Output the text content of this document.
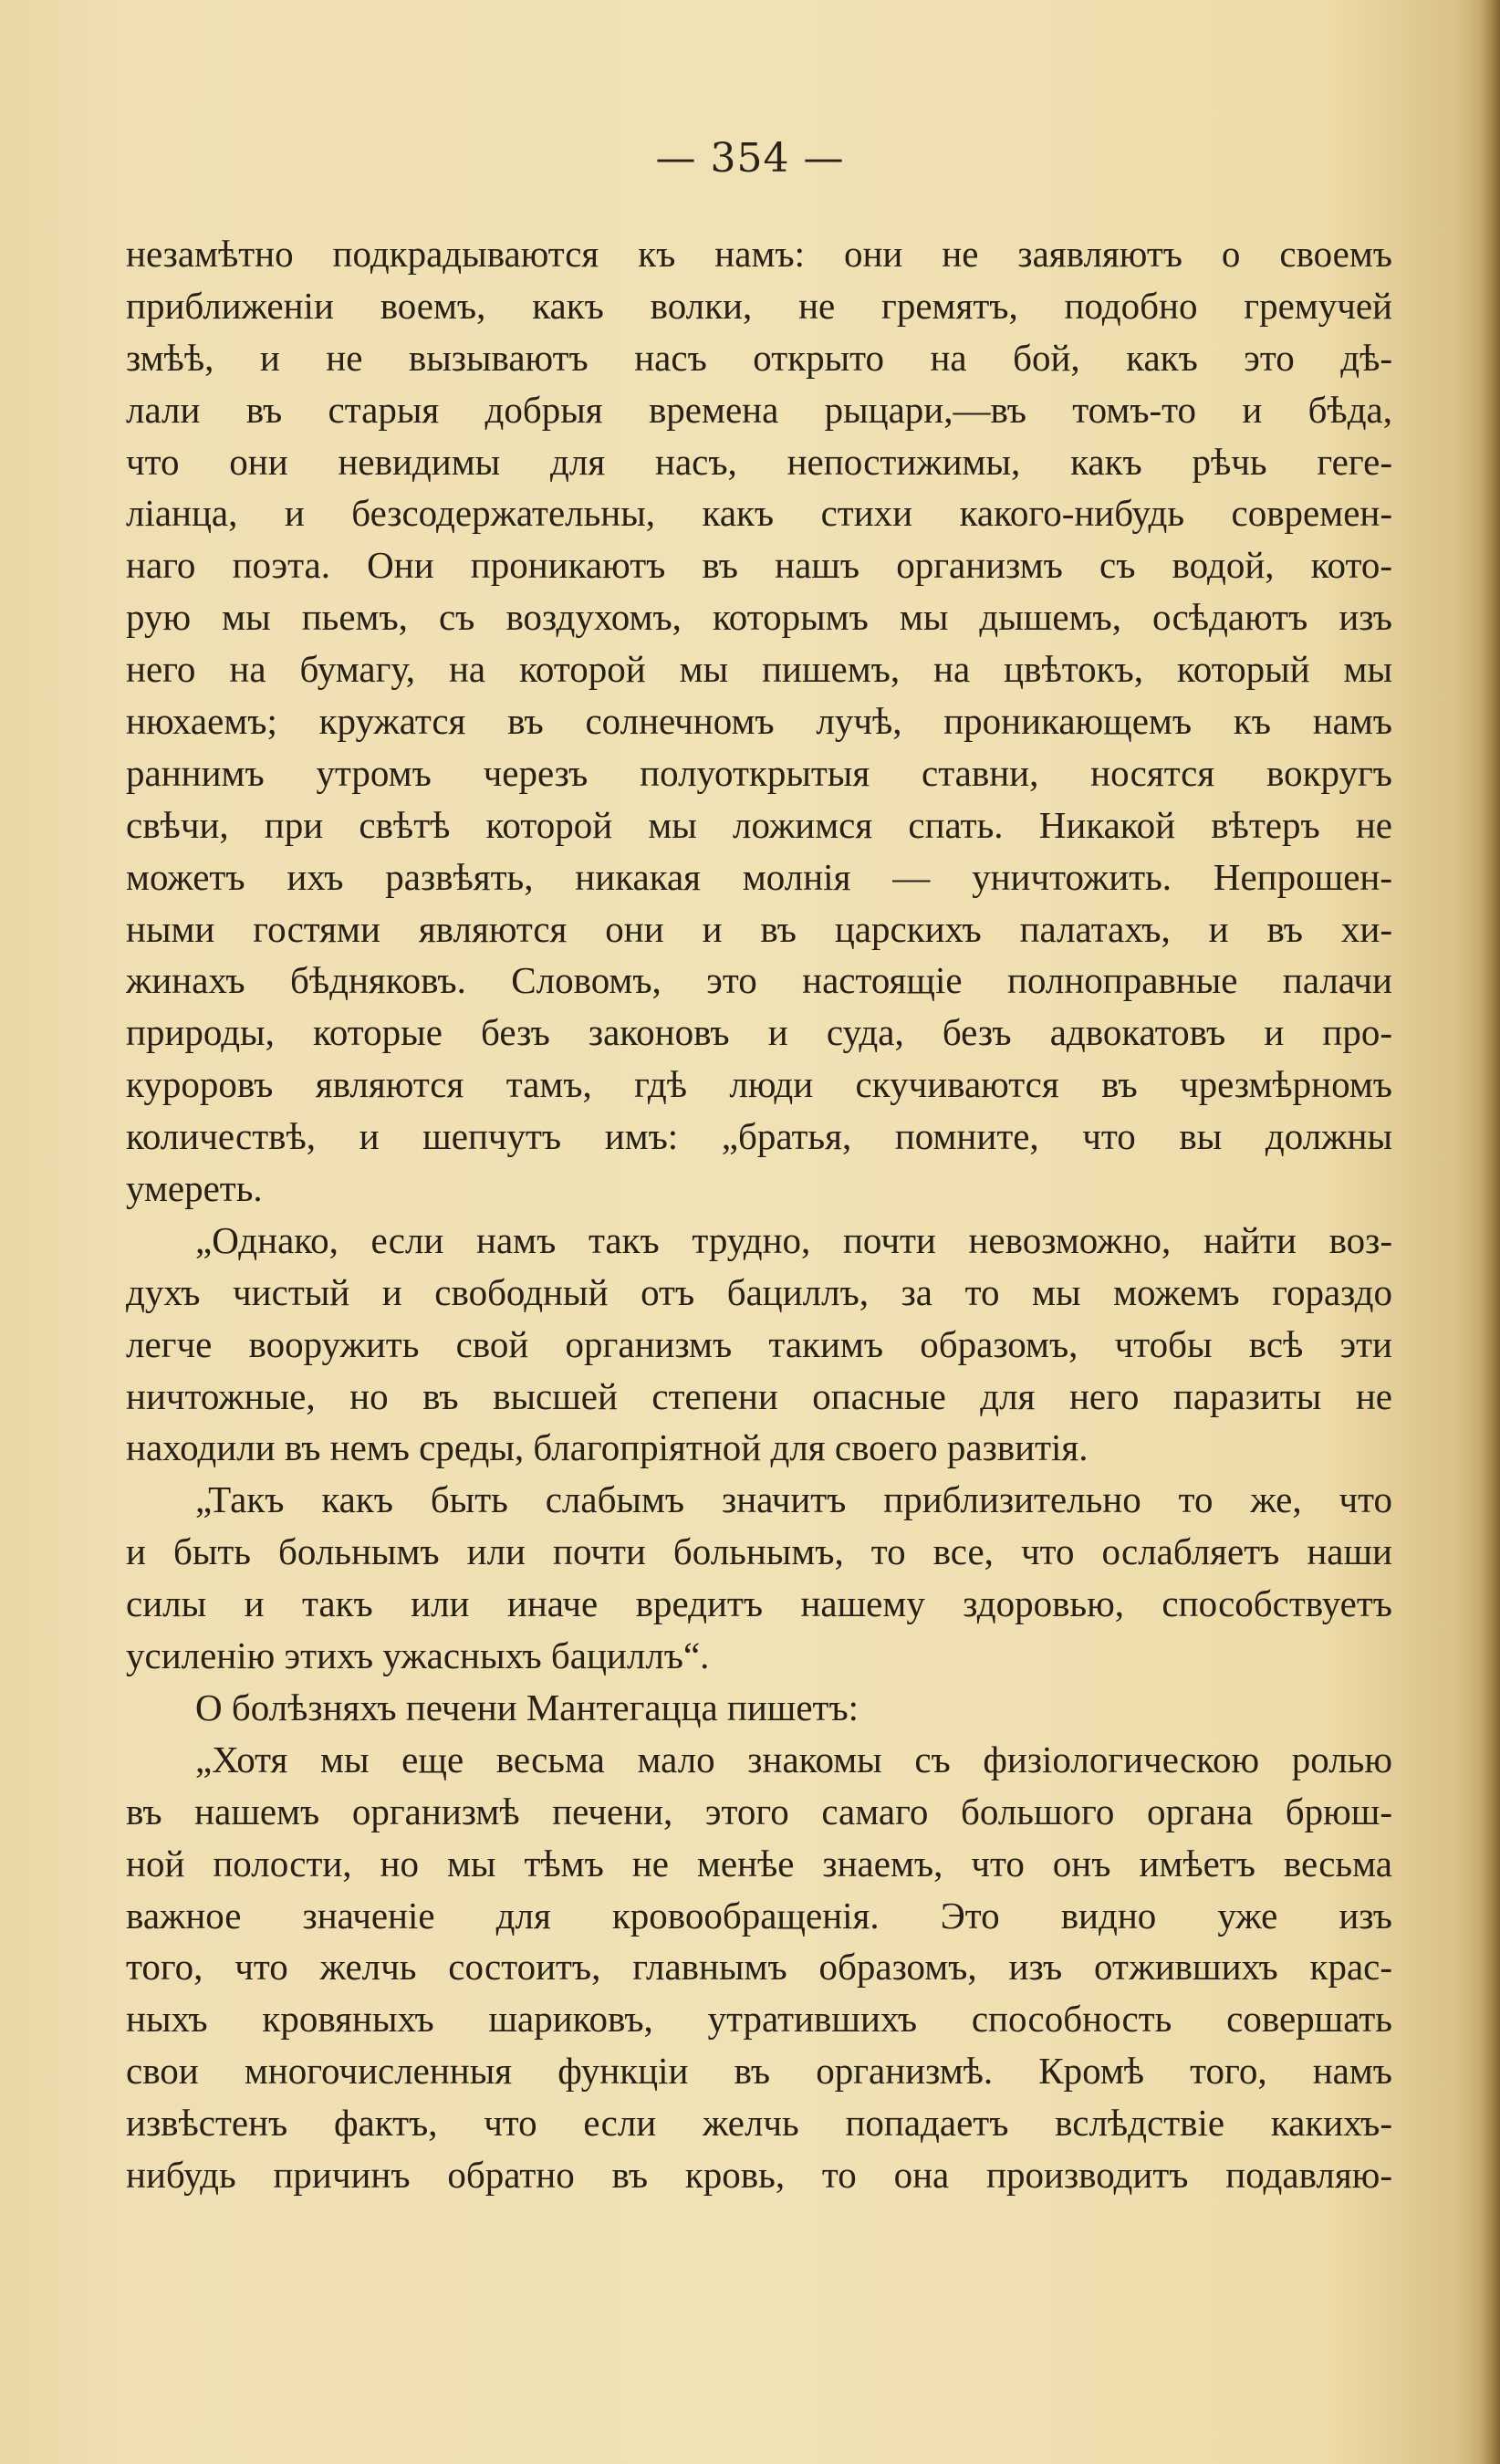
— 354 —
незамѣтно подкрадываются къ намъ: они не заявляютъ о своемъ
приближенiи воемъ, какъ волки, не гремятъ, подобно гремучей
змѣѣ, и не вызываютъ насъ открыто на бой, какъ это дѣ-
лали въ старыя добрыя времена рыцари,—въ томъ-то и бѣда,
что они невидимы для насъ, непостижимы, какъ рѣчь геге-
ліанца, и безсодержательны, какъ стихи какого-нибудь современ-
наго поэта. Они проникаютъ въ нашъ организмъ съ водой, кото-
рую мы пьемъ, съ воздухомъ, которымъ мы дышемъ, осѣдаютъ изъ
него на бумагу, на которой мы пишемъ, на цвѣтокъ, который мы
нюхаемъ; кружатся въ солнечномъ лучѣ, проникающемъ къ намъ
раннимъ утромъ черезъ полуоткрытыя ставни, носятся вокругъ
свѣчи, при свѣтѣ которой мы ложимся спать. Никакой вѣтеръ не
можетъ ихъ развѣять, никакая молнія — уничтожить. Непрошен-
ными гостями являются они и въ царскихъ палатахъ, и въ хи-
жинахъ бѣдняковъ. Словомъ, это настоящіе полноправные палачи
природы, которые безъ законовъ и суда, безъ адвокатовъ и про-
куроровъ являются тамъ, гдѣ люди скучиваются въ чрезмѣрномъ
количествѣ, и шепчутъ имъ: „братья, помните, что вы должны
умереть.
„Однако, если намъ такъ трудно, почти невозможно, найти воз-
духъ чистый и свободный отъ бациллъ, за то мы можемъ гораздо
легче вооружить свой организмъ такимъ образомъ, чтобы всѣ эти
ничтожные, но въ высшей степени опасные для него паразиты не
находили въ немъ среды, благопріятной для своего развитія.
„Такъ какъ быть слабымъ значитъ приблизительно то же, что
и быть больнымъ или почти больнымъ, то все, что ослабляетъ наши
силы и такъ или иначе вредитъ нашему здоровью, способствуетъ
усиленію этихъ ужасныхъ бациллъ“.
О болѣзняхъ печени Мантегацца пишетъ:
„Хотя мы еще весьма мало знакомы съ физіологическою ролью
въ нашемъ организмѣ печени, этого самаго большого органа брюш-
ной полости, но мы тѣмъ не менѣе знаемъ, что онъ имѣетъ весьма
важное значеніе для кровообращенія. Это видно уже изъ
того, что желчь состоитъ, главнымъ образомъ, изъ отжившихъ крас-
ныхъ кровяныхъ шариковъ, утратившихъ способность совершать
свои многочисленныя функціи въ организмѣ. Кромѣ того, намъ
извѣстенъ фактъ, что если желчь попадаетъ вслѣдствіе какихъ-
нибудь причинъ обратно въ кровь, то она производитъ подавляю-
